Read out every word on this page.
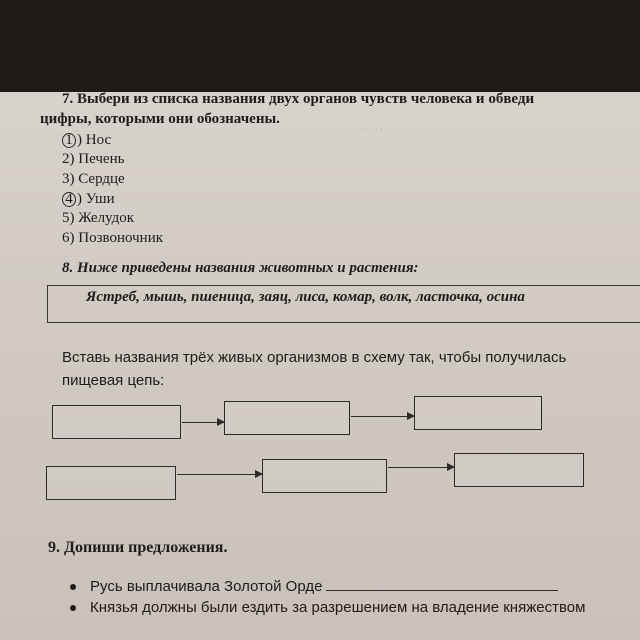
. . . . . .
7. Выбери из списка названия двух органов чувств человека и обведи
цифры, которыми они обозначены.
1 ) Нос
2) Печень
3) Сердце
4 ) Уши
5) Желудок
6) Позвоночник
8. Ниже приведены названия животных и растения:
Ястреб, мышь, пшеница, заяц, лиса, комар, волк, ласточка, осина
Вставь названия трёх живых организмов в схему так, чтобы получилась
пищевая цепь:
9. Допиши предложения.
Русь выплачивала Золотой Орде
Князья должны были ездить за разрешением на владение княжеством
